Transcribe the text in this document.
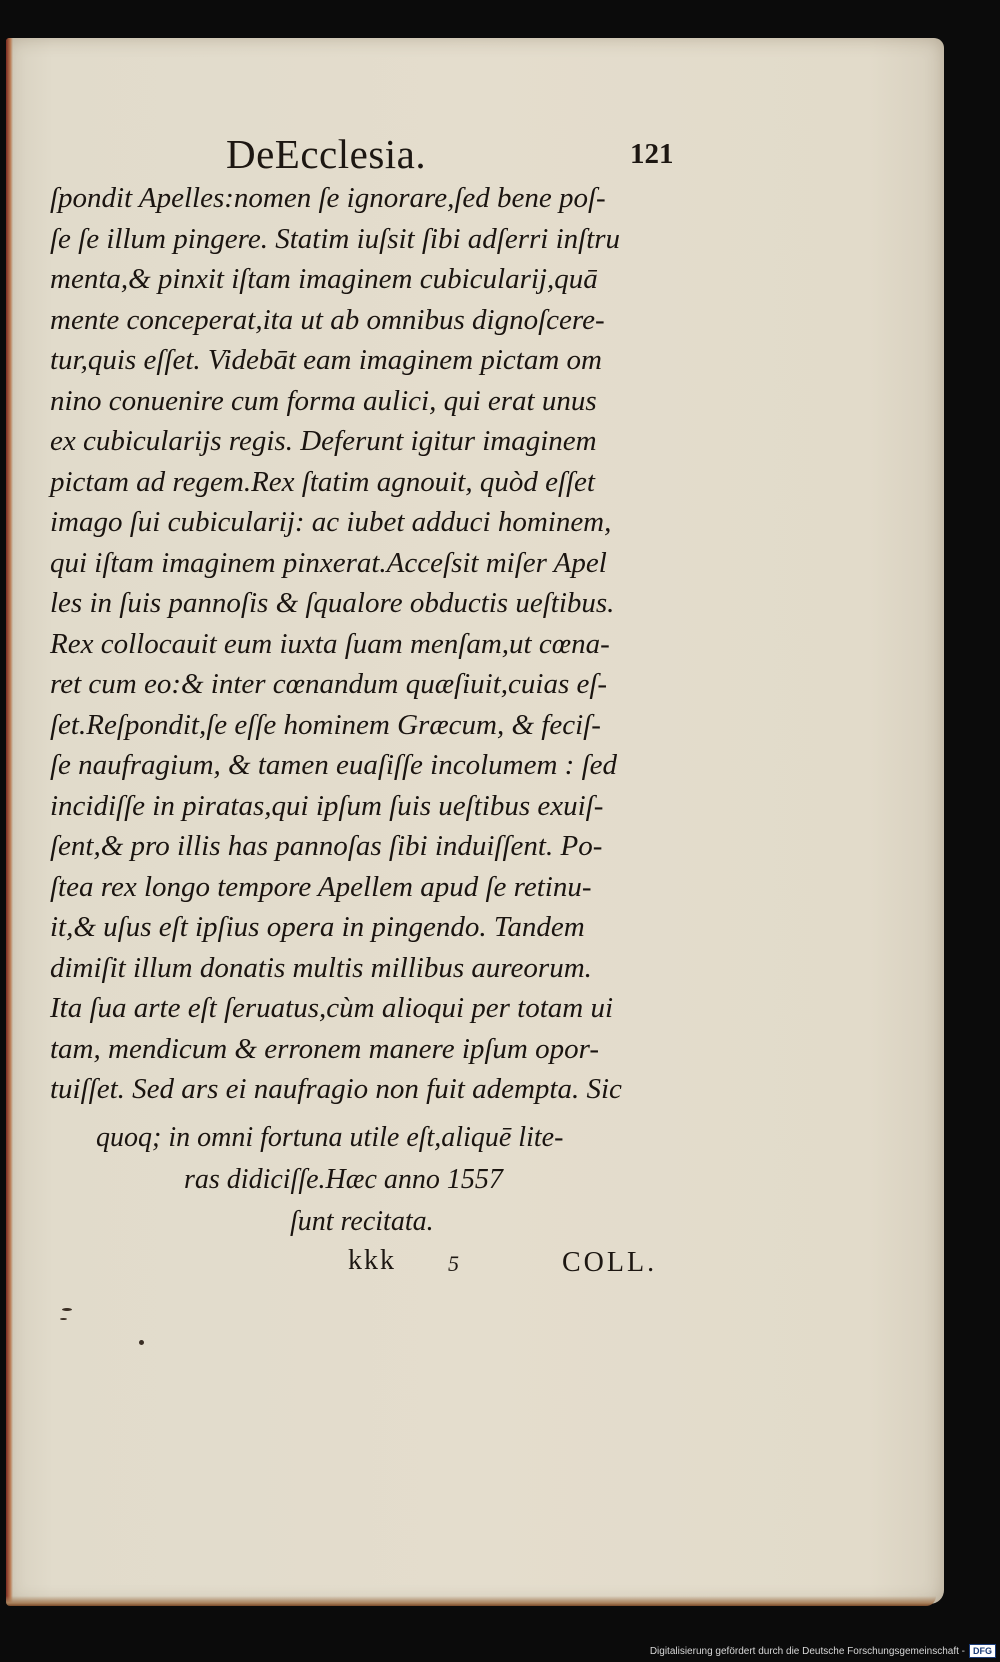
DeEcclesia.	121
ſpondit Apelles:nomen ſe ignorare,ſed bene poſ-
ſe ſe illum pingere. Statim iuſsit ſibi adſerri inſtru
menta,& pinxit iſtam imaginem cubicularij,quā
mente conceperat,ita ut ab omnibus dignoſcere-
tur,quis eſſet. Videbāt eam imaginem pictam om
nino conuenire cum forma aulici, qui erat unus
ex cubicularijs regis. Deferunt igitur imaginem
pictam ad regem.Rex ſtatim agnouit, quòd eſſet
imago ſui cubicularij: ac iubet adduci hominem,
qui iſtam imaginem pinxerat.Acceſsit miſer Apel
les in ſuis pannoſis & ſqualore obductis ueſtibus.
Rex collocauit eum iuxta ſuam menſam,ut cœna-
ret cum eo:& inter cœnandum quæſiuit,cuias eſ-
ſet.Reſpondit,ſe eſſe hominem Græcum, & feciſ-
ſe naufragium, & tamen euaſiſſe incolumem : ſed
incidiſſe in piratas,qui ipſum ſuis ueſtibus exuiſ-
ſent,& pro illis has pannoſas ſibi induiſſent. Po-
ſtea rex longo tempore Apellem apud ſe retinu-
it,& uſus eſt ipſius opera in pingendo. Tandem
dimiſit illum donatis multis millibus aureorum.
Ita ſua arte eſt ſeruatus,cùm alioqui per totam ui
tam, mendicum & erronem manere ipſum opor-
tuiſſet. Sed ars ei naufragio non fuit adempta. Sic
quoq; in omni fortuna utile eſt,aliquē lite-
ras didiciſſe.Hæc anno 1557
ſunt recitata.
kkk 5	COLL.
Digitalisierung gefördert durch die Deutsche Forschungsgemeinschaft - DFG
